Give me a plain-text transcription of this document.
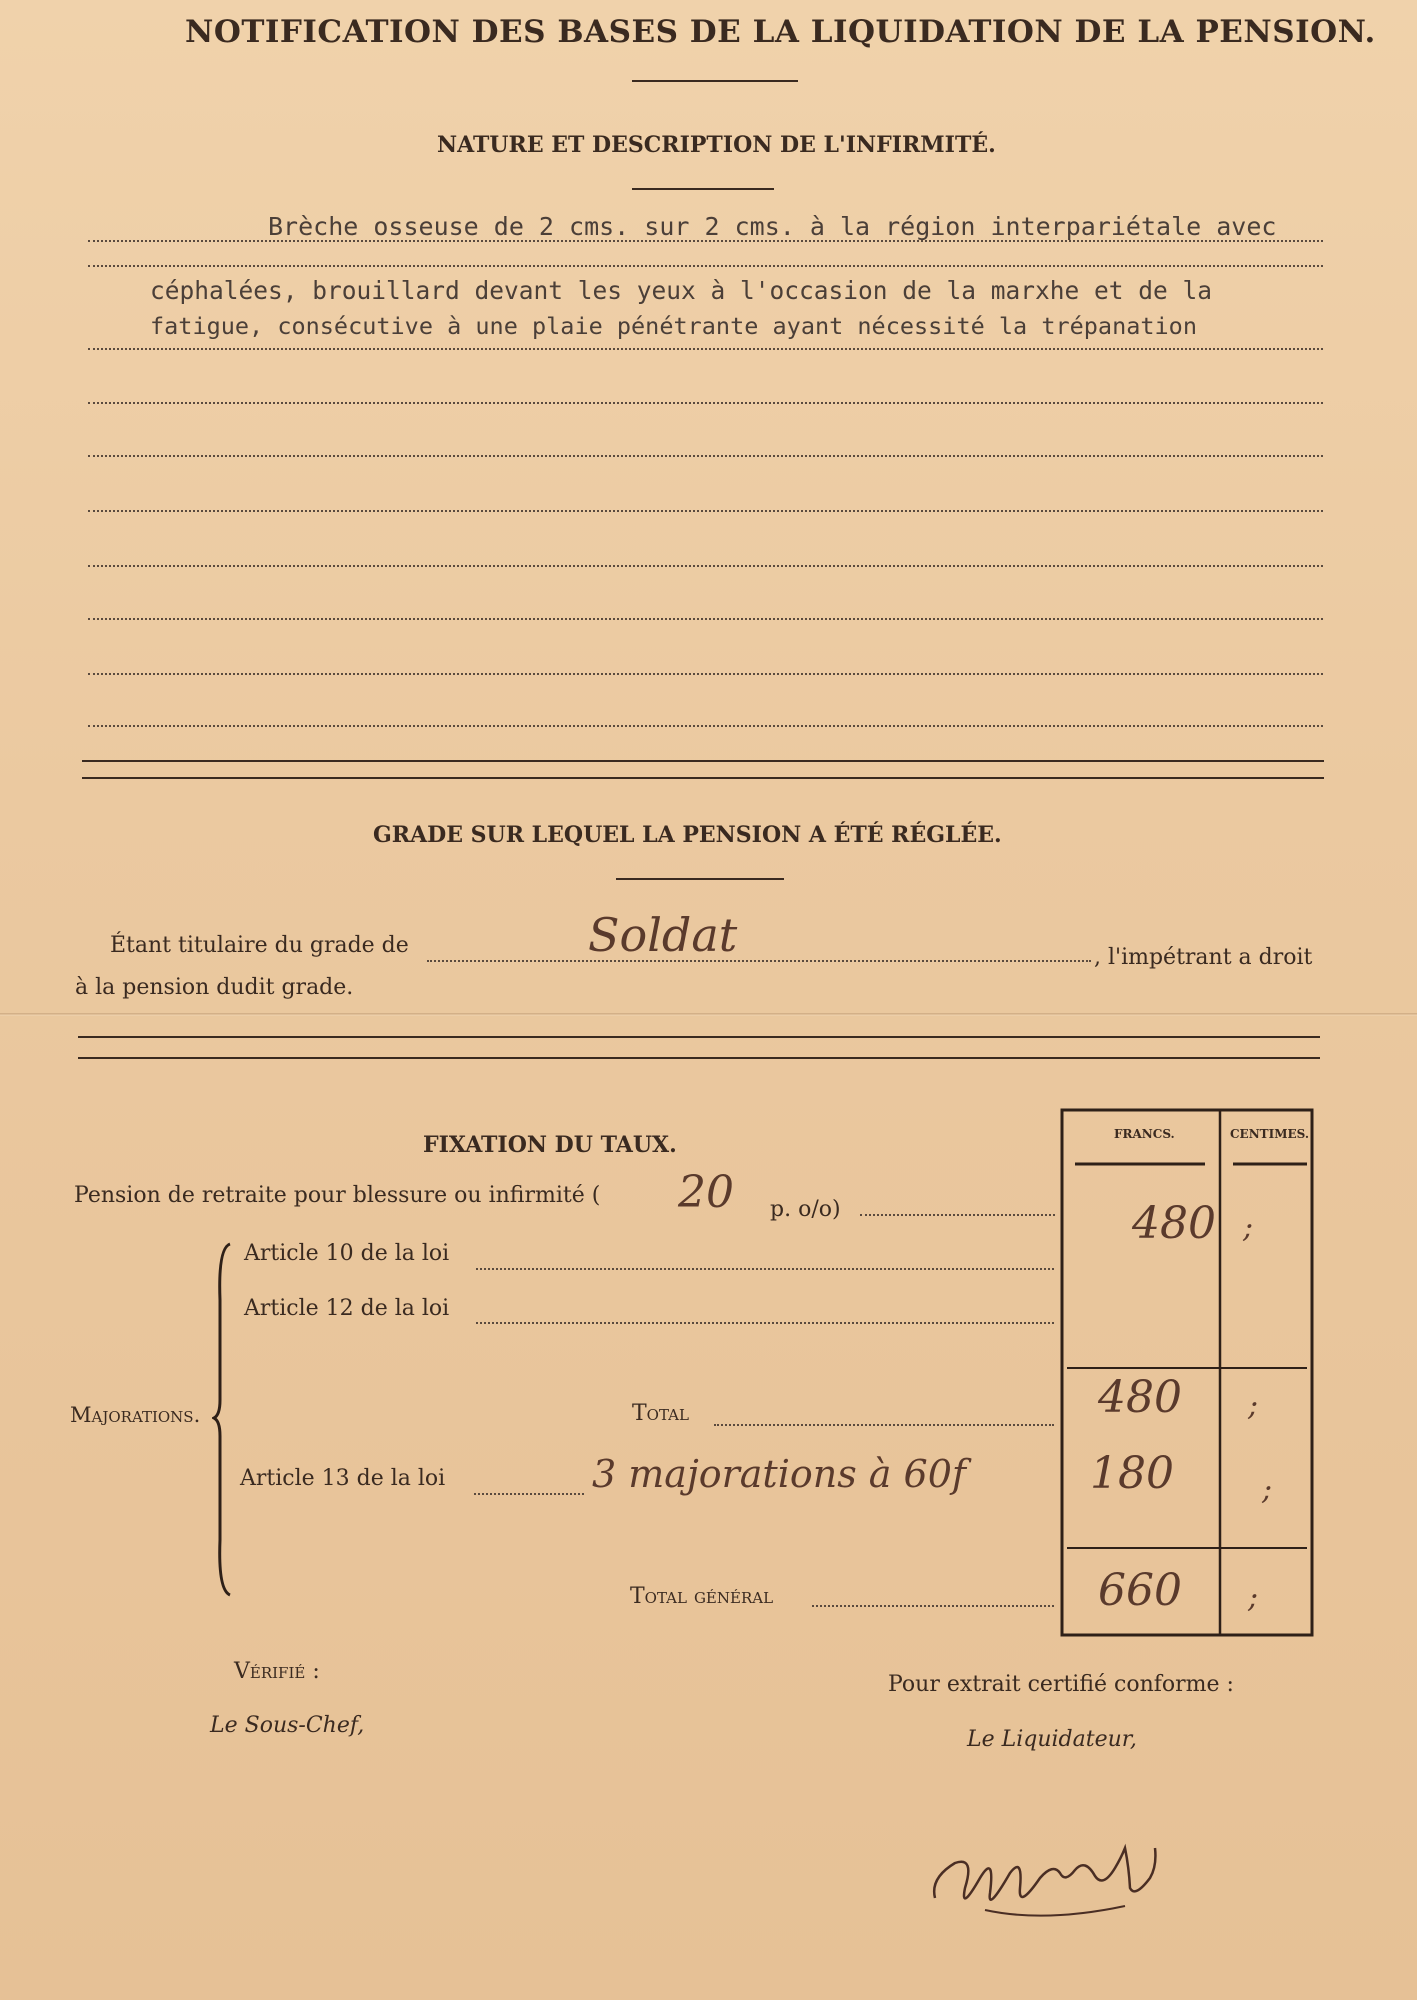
NOTIFICATION DES BASES DE LA LIQUIDATION DE LA PENSION.
NATURE ET DESCRIPTION DE L'INFIRMITÉ.
Brèche osseuse de 2 cms. sur 2 cms. à la région interpariétale avec
céphalées, brouillard devant les yeux à l'occasion de la marxhe et de la
fatigue, consécutive à une plaie pénétrante ayant nécessité la trépanation
GRADE SUR LEQUEL LA PENSION A ÉTÉ RÉGLÉE.
Étant titulaire du grade de	Soldat	, l'impétrant a droit
à la pension dudit grade.
FIXATION DU TAUX.	FRANCS.	CENTIMES.
Pension de retraite pour blessure ou infirmité ( 20 p. o/o)	480 ;
Majorations.
Article 10 de la loi
Article 12 de la loi
Total	480 ;
Article 13 de la loi	3 majorations à 60f	180	;
Total général	660 ;
Vérifié :
Le Sous-Chef,
Pour extrait certifié conforme :
Le Liquidateur,
